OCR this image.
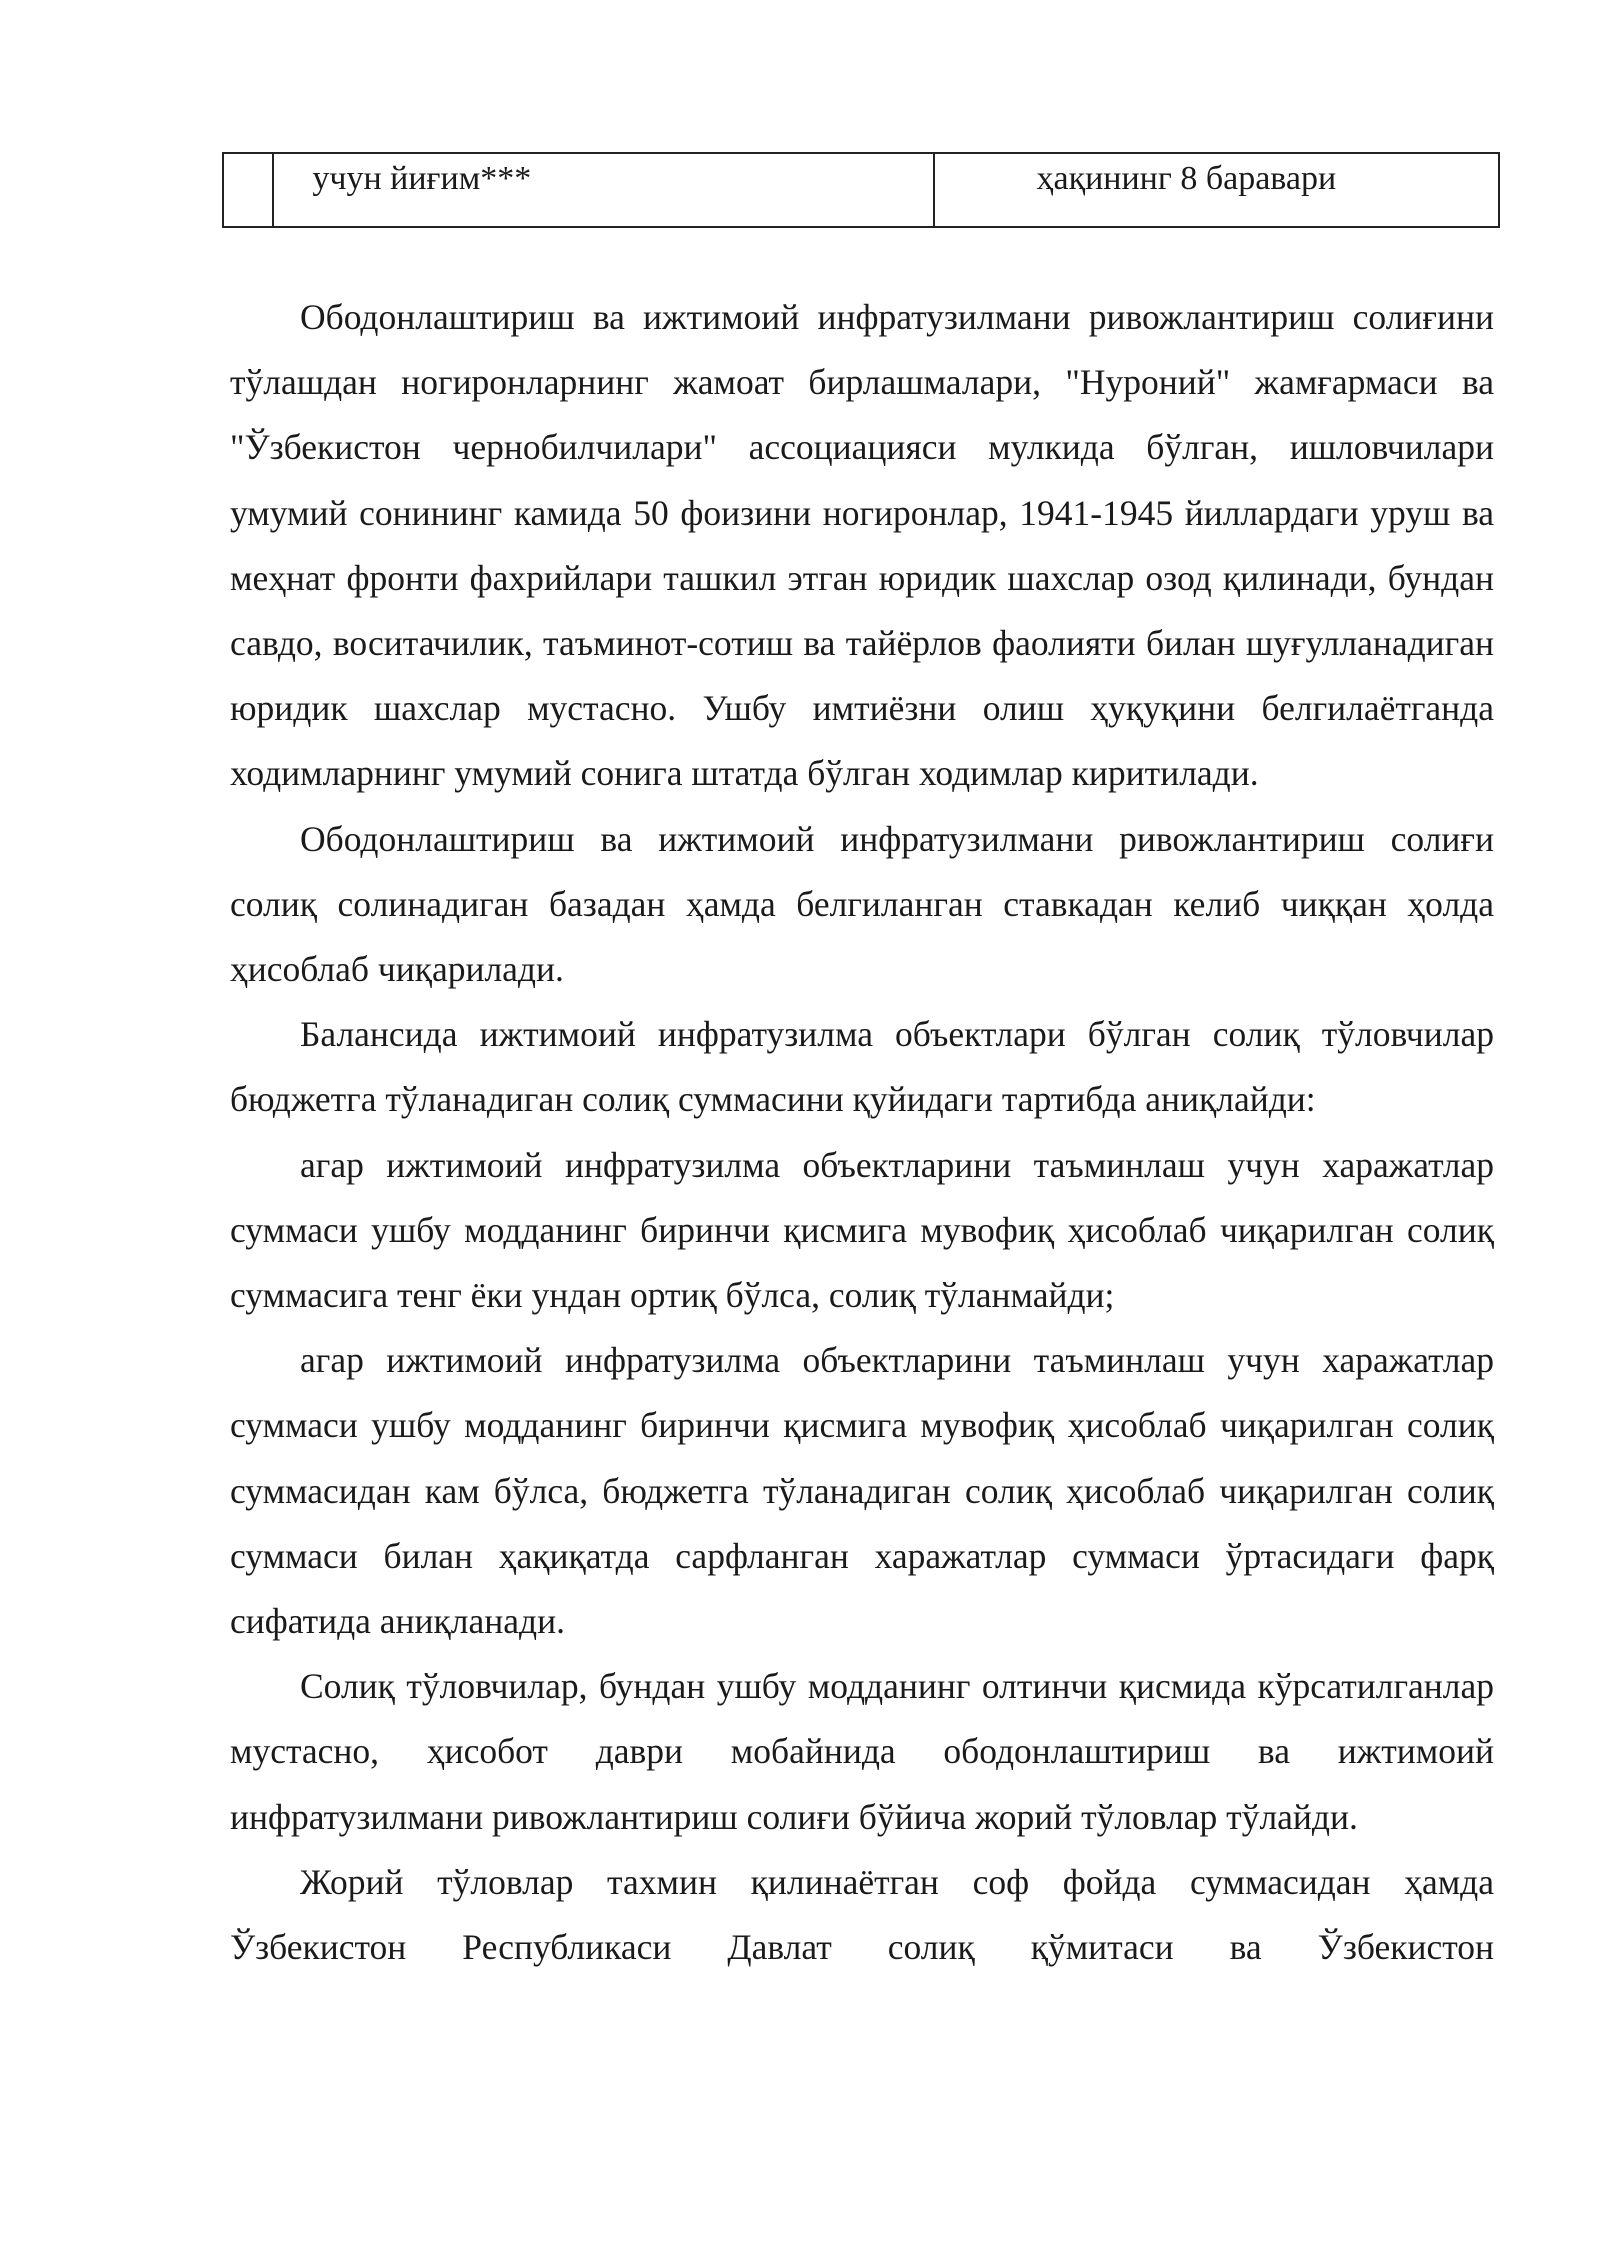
	учун йиғим***	ҳақининг 8 баравари

Ободонлаштириш ва ижтимоий инфратузилмани ривожлантириш солиғини тўлашдан ногиронларнинг жамоат бирлашмалари, "Нуроний" жамғармаси ва "Ўзбекистон чернобилчилари" ассоциацияси мулкида бўлган, ишловчилари умумий сонининг камида 50 фоизини ногиронлар, 1941-1945 йиллардаги уруш ва меҳнат фронти фахрийлари ташкил этган юридик шахслар озод қилинади, бундан савдо, воситачилик, таъминот-сотиш ва тайёрлов фаолияти билан шуғулланадиган юридик шахслар мустасно. Ушбу имтиёзни олиш ҳуқуқини белгилаётганда ходимларнинг умумий сонига штатда бўлган ходимлар киритилади.

Ободонлаштириш ва ижтимоий инфратузилмани ривожлантириш солиғи солиқ солинадиган базадан ҳамда белгиланган ставкадан келиб чиққан ҳолда ҳисоблаб чиқарилади.

Балансида ижтимоий инфратузилма объектлари бўлган солиқ тўловчилар бюджетга тўланадиган солиқ суммасини қуйидаги тартибда аниқлайди:

агар ижтимоий инфратузилма объектларини таъминлаш учун харажатлар суммаси ушбу модданинг биринчи қисмига мувофиқ ҳисоблаб чиқарилган солиқ суммасига тенг ёки ундан ортиқ бўлса, солиқ тўланмайди;

агар ижтимоий инфратузилма объектларини таъминлаш учун харажатлар суммаси ушбу модданинг биринчи қисмига мувофиқ ҳисоблаб чиқарилган солиқ суммасидан кам бўлса, бюджетга тўланадиган солиқ ҳисоблаб чиқарилган солиқ суммаси билан ҳақиқатда сарфланган харажатлар суммаси ўртасидаги фарқ сифатида аниқланади.

Солиқ тўловчилар, бундан ушбу модданинг олтинчи қисмида кўрсатилганлар мустасно, ҳисобот даври мобайнида ободонлаштириш ва ижтимоий инфратузилмани ривожлантириш солиғи бўйича жорий тўловлар тўлайди.

Жорий тўловлар тахмин қилинаётган соф фойда суммасидан ҳамда Ўзбекистон Республикаси Давлат солиқ қўмитаси ва Ўзбекистон
